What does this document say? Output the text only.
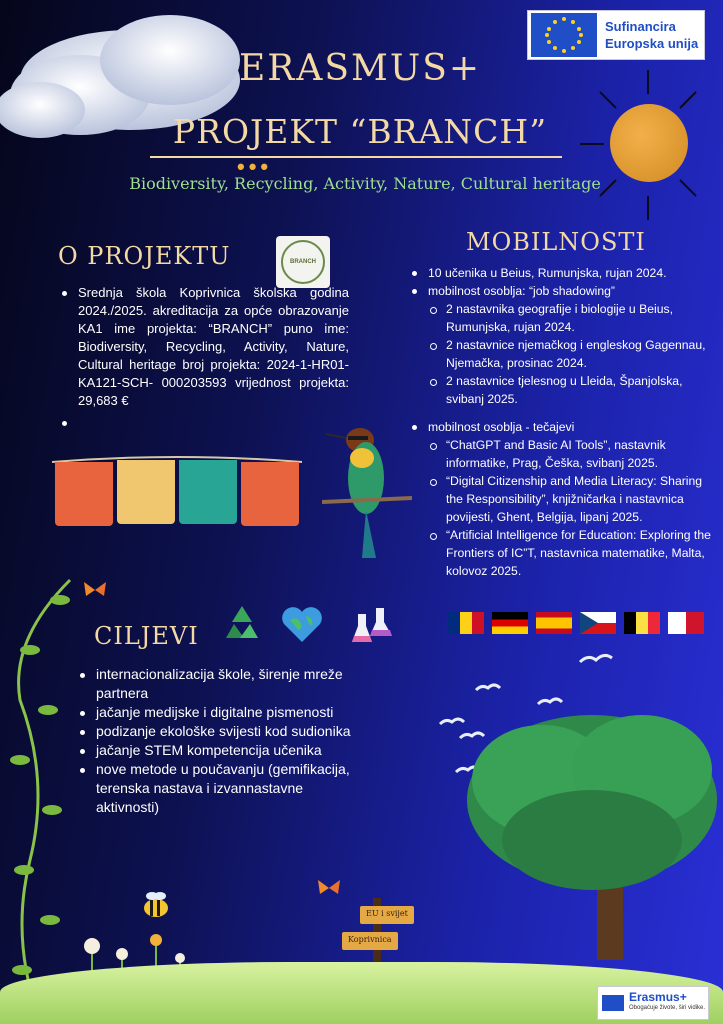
Sufinancira
Europska unija
ERASMUS+
PROJEKT “BRANCH”
•••
Biodiversity, Recycling, Activity, Nature, Cultural heritage
O PROJEKTU	BRANCH
Srednja škola Koprivnica školska godina 2024./2025. akreditacija za opće obrazovanje KA1 ime projekta: “BRANCH” puno ime: Biodiversity, Recycling, Activity, Nature, Cultural heritage broj projekta: 2024-1-HR01-KA121-SCH- 000203593 vrijednost projekta: 29,683 €
MOBILNOSTI
10 učenika u Beius, Rumunjska, rujan 2024.
mobilnost osoblja: “job shadowing”
2 nastavnika geografije i biologije u Beius, Rumunjska, rujan 2024.
2 nastavnice njemačkog i engleskog Gagennau, Njemačka, prosinac 2024.
2 nastavnice tjelesnog u Lleida, Španjolska, svibanj 2025.
mobilnost osoblja - tečajevi
“ChatGPT and Basic AI Tools”, nastavnik informatike, Prag, Češka, svibanj 2025.
“Digital Citizenship and Media Literacy: Sharing the Responsibility”, knjižničarka i nastavnica povijesti, Ghent, Belgija, lipanj 2025.
“Artificial Intelligence for Education: Exploring the Frontiers of IC”T, nastavnica matematike, Malta, kolovoz 2025.
CILJEVI
internacionalizacija škole, širenje mreže partnera
jačanje medijske i digitalne pismenosti
podizanje ekološke svijesti kod sudionika
jačanje STEM kompetencija učenika
nove metode u poučavanju (gemifikacija, terenska nastava i izvannastavne aktivnosti)
EU i svijet
Koprivnica
Erasmus+
Obogaćuje živote, širi vidike.
